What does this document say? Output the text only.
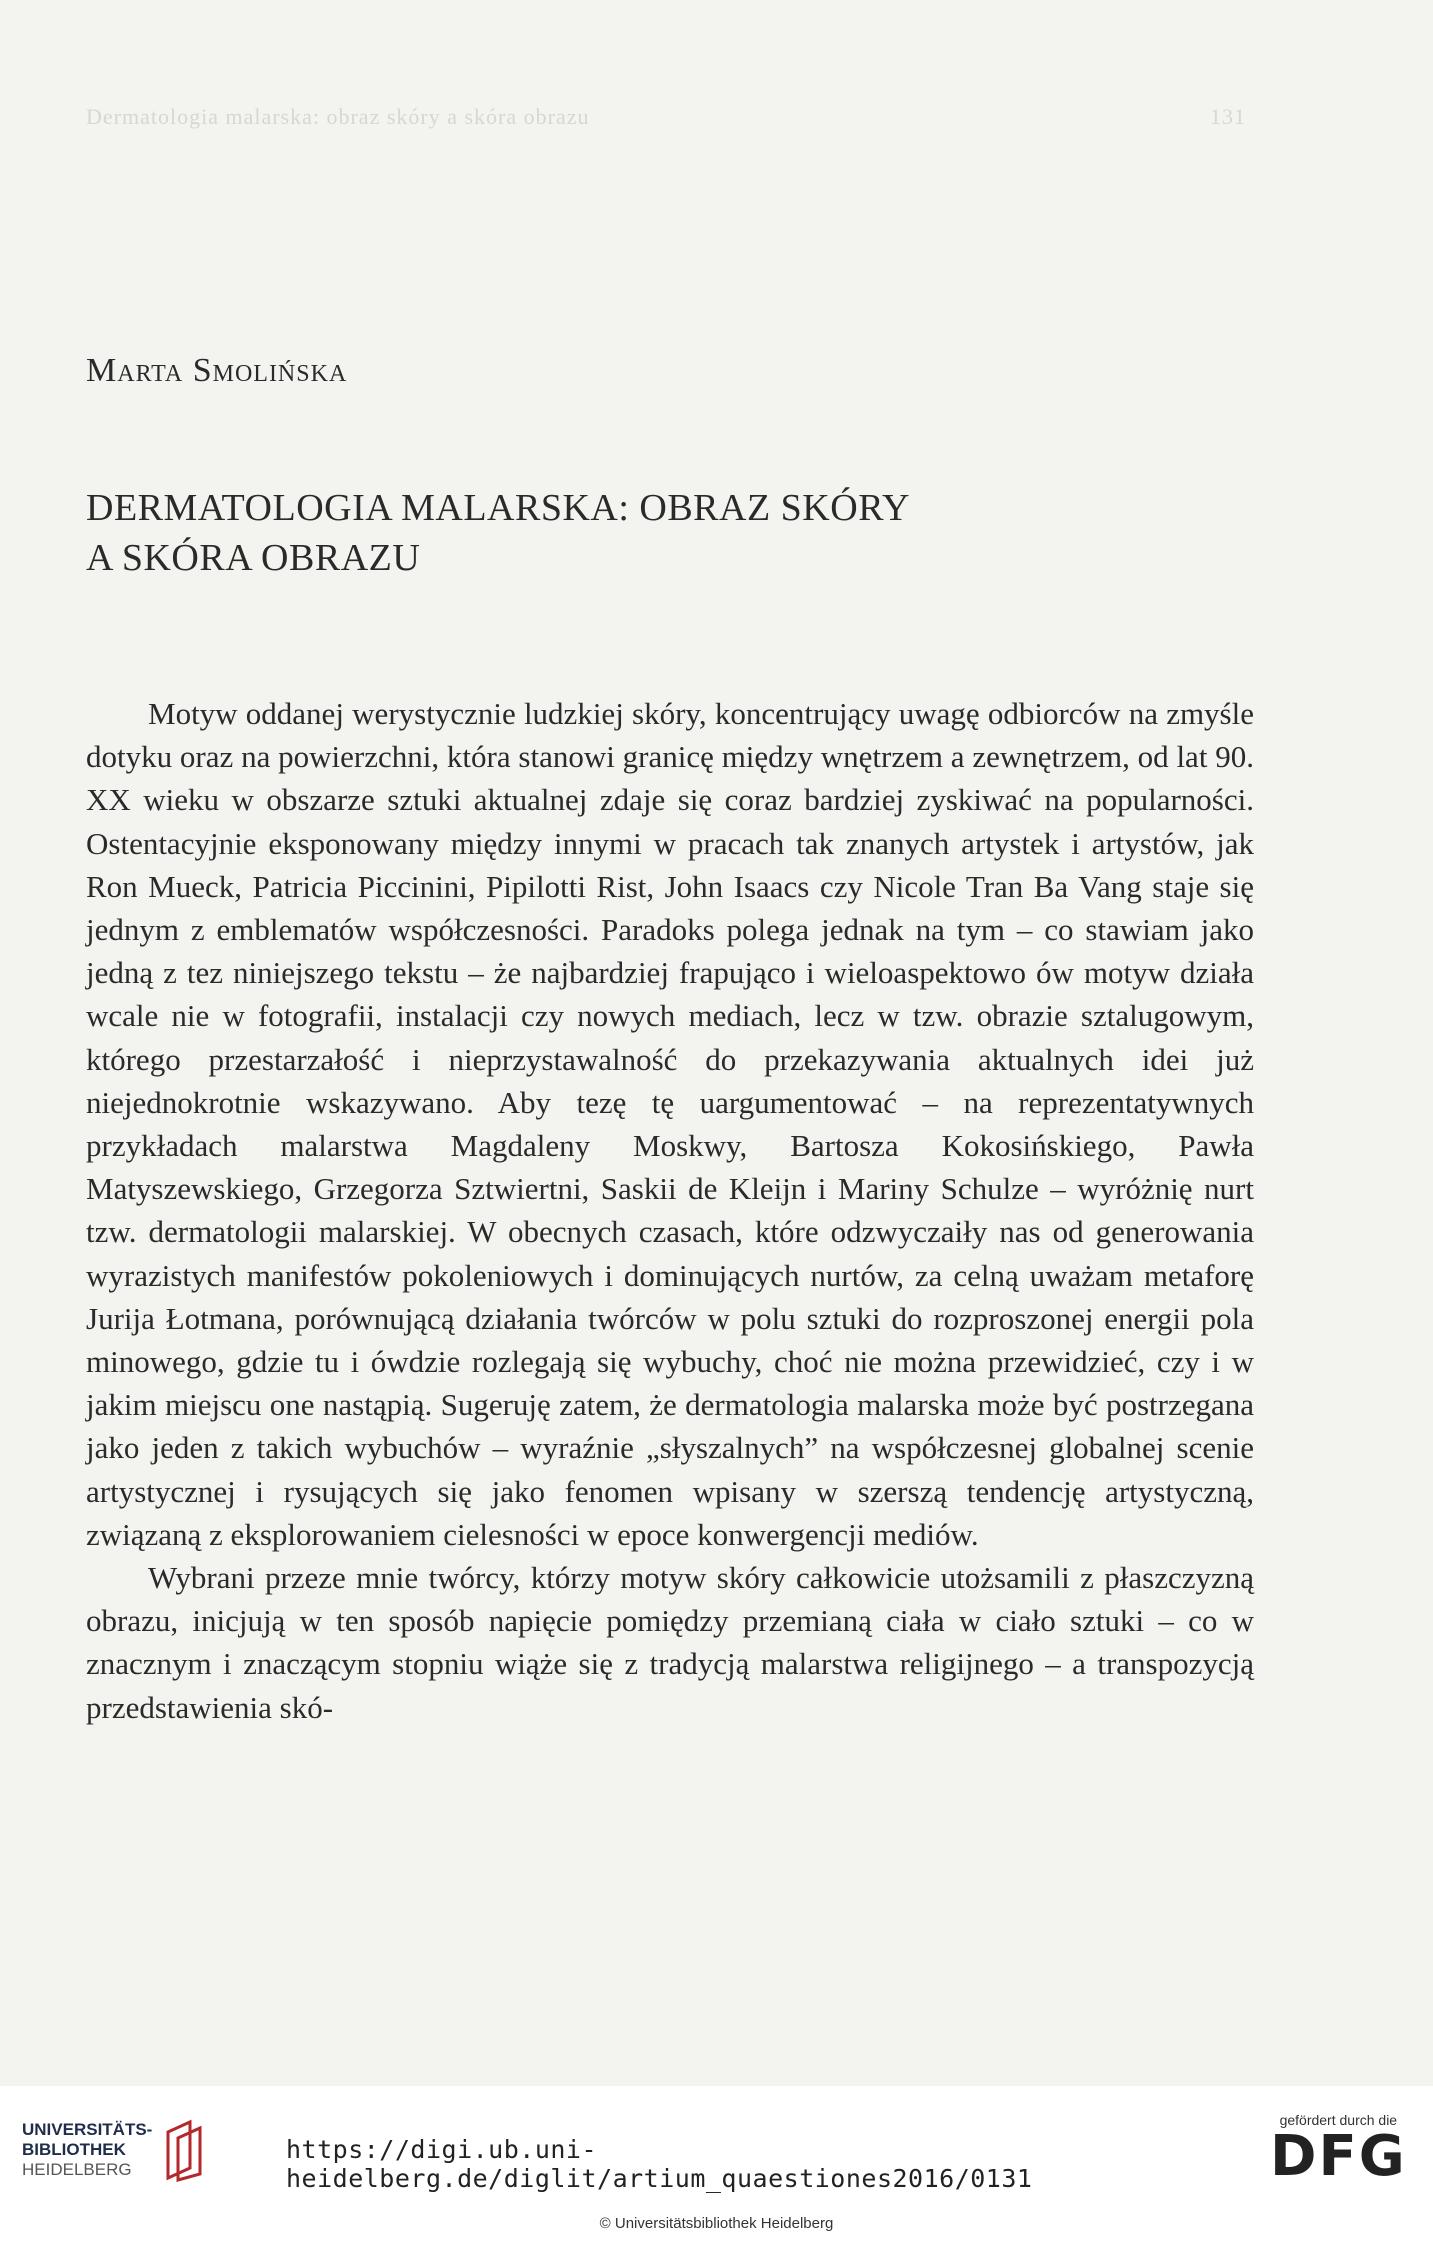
Dermatologia malarska: obraz skóry a skóra obrazu	131
Marta Smolińska
DERMATOLOGIA MALARSKA: OBRAZ SKÓRY
A SKÓRA OBRAZU

Motyw oddanej werystycznie ludzkiej skóry, koncentrujący uwagę odbiorców na zmyśle dotyku oraz na powierzchni, która stanowi granicę między wnętrzem a zewnętrzem, od lat 90. XX wieku w obszarze sztuki aktualnej zdaje się coraz bardziej zyskiwać na popularności. Ostentacyjnie eksponowany między innymi w pracach tak znanych artystek i artystów, jak Ron Mueck, Patricia Piccinini, Pipilotti Rist, John Isaacs czy Nicole Tran Ba Vang staje się jednym z emblematów współczesności. Paradoks polega jednak na tym – co stawiam jako jedną z tez niniejszego tekstu – że najbardziej frapująco i wieloaspektowo ów motyw działa wcale nie w fotografii, instalacji czy nowych mediach, lecz w tzw. obrazie sztalugowym, którego przestarzałość i nieprzystawalność do przekazywania aktualnych idei już niejednokrotnie wskazywano. Aby tezę tę uargumentować – na reprezentatywnych przykładach malarstwa Magdaleny Moskwy, Bartosza Kokosińskiego, Pawła Matyszewskiego, Grzegorza Sztwiertni, Saskii de Kleijn i Mariny Schulze – wyróżnię nurt tzw. dermatologii malarskiej. W obecnych czasach, które odzwyczaiły nas od generowania wyrazistych manifestów pokoleniowych i dominujących nurtów, za celną uważam metaforę Jurija Łotmana, porównującą działania twórców w polu sztuki do rozproszonej energii pola minowego, gdzie tu i ówdzie rozlegają się wybuchy, choć nie można przewidzieć, czy i w jakim miejscu one nastąpią. Sugeruję zatem, że dermatologia malarska może być postrzegana jako jeden z takich wybuchów – wyraźnie „słyszalnych” na współczesnej globalnej scenie artystycznej i rysujących się jako fenomen wpisany w szerszą tendencję artystyczną, związaną z eksplorowaniem cielesności w epoce konwergencji mediów.

Wybrani przeze mnie twórcy, którzy motyw skóry całkowicie utożsamili z płaszczyzną obrazu, inicjują w ten sposób napięcie pomiędzy przemianą ciała w ciało sztuki – co w znacznym i znaczącym stopniu wiąże się z tradycją malarstwa religijnego – a transpozycją przedstawienia skó-

UNIVERSITÄTS-
BIBLIOTHEK
HEIDELBERG
https://digi.ub.uni-heidelberg.de/diglit/artium_quaestiones2016/0131
© Universitätsbibliothek Heidelberg
gefördert durch die
DFG
